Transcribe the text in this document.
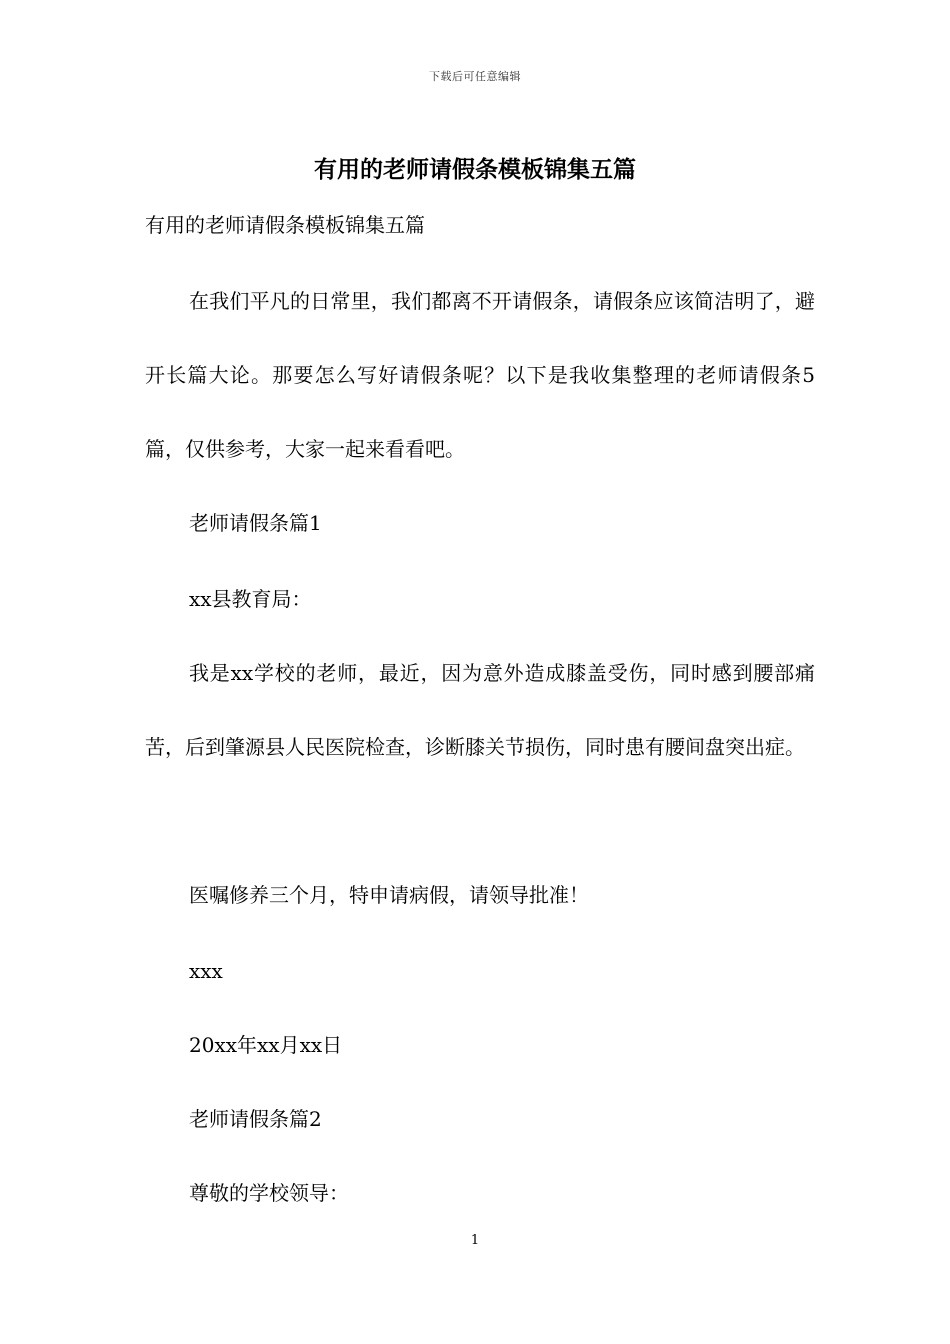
下载后可任意编辑
有用的老师请假条模板锦集五篇

有用的老师请假条模板锦集五篇

在我们平凡的日常里，我们都离不开请假条，请假条应该简洁明了，避开长篇大论。那要怎么写好请假条呢？以下是我收集整理的老师请假条5篇，仅供参考，大家一起来看看吧。

老师请假条篇1

xx县教育局：

我是xx学校的老师，最近，因为意外造成膝盖受伤，同时感到腰部痛苦，后到肇源县人民医院检查，诊断膝关节损伤，同时患有腰间盘突出症。

医嘱修养三个月，特申请病假，请领导批准！

xxx

20xx年xx月xx日

老师请假条篇2

尊敬的学校领导：

1
